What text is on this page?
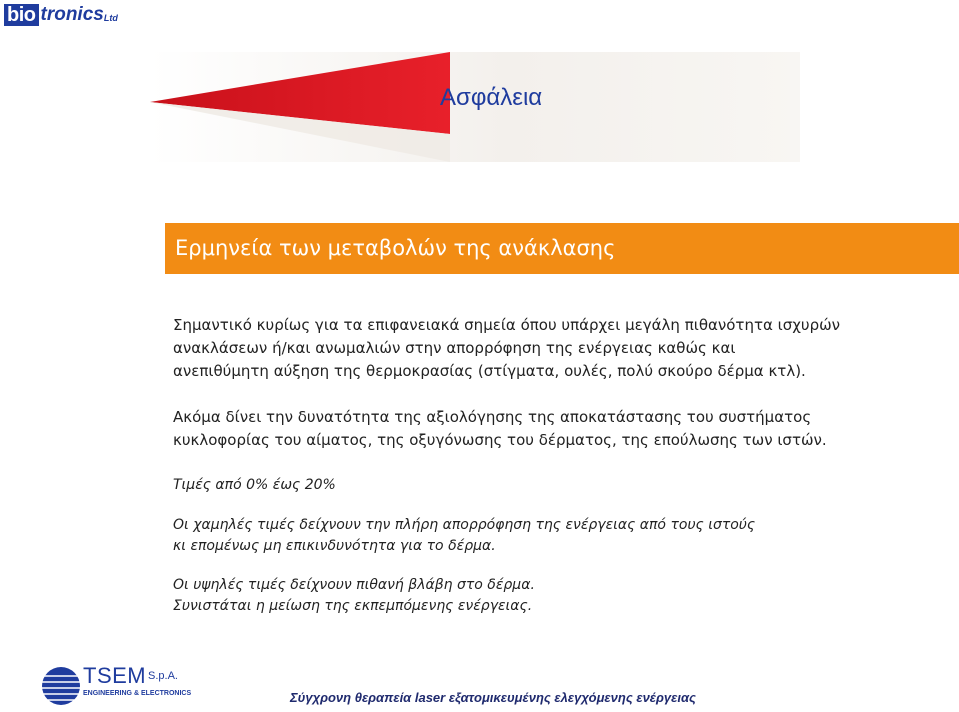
bio tronics Ltd
Ασφάλεια
Ερμηνεία των μεταβολών της ανάκλασης
Σημαντικό κυρίως για τα επιφανειακά σημεία όπου υπάρχει μεγάλη πιθανότητα ισχυρών
ανακλάσεων ή/και ανωμαλιών στην απορρόφηση της ενέργειας καθώς και
ανεπιθύμητη αύξηση της θερμοκρασίας (στίγματα, ουλές, πολύ σκούρο δέρμα κτλ).
Ακόμα δίνει την δυνατότητα της αξιολόγησης της αποκατάστασης του συστήματος
κυκλοφορίας του αίματος, της οξυγόνωσης του δέρματος, της επούλωσης των ιστών.
Τιμές από 0% έως 20%
Οι χαμηλές τιμές δείχνουν την πλήρη απορρόφηση της ενέργειας από τους ιστούς
κι επομένως μη επικινδυνότητα για το δέρμα.
Οι υψηλές τιμές δείχνουν πιθανή βλάβη στο δέρμα.
Συνιστάται η μείωση της εκπεμπόμενης ενέργειας.
TSEM S.p.A.
ENGINEERING & ELECTRONICS	Σύγχρονη θεραπεία laser εξατομικευμένης ελεγχόμενης ενέργειας
